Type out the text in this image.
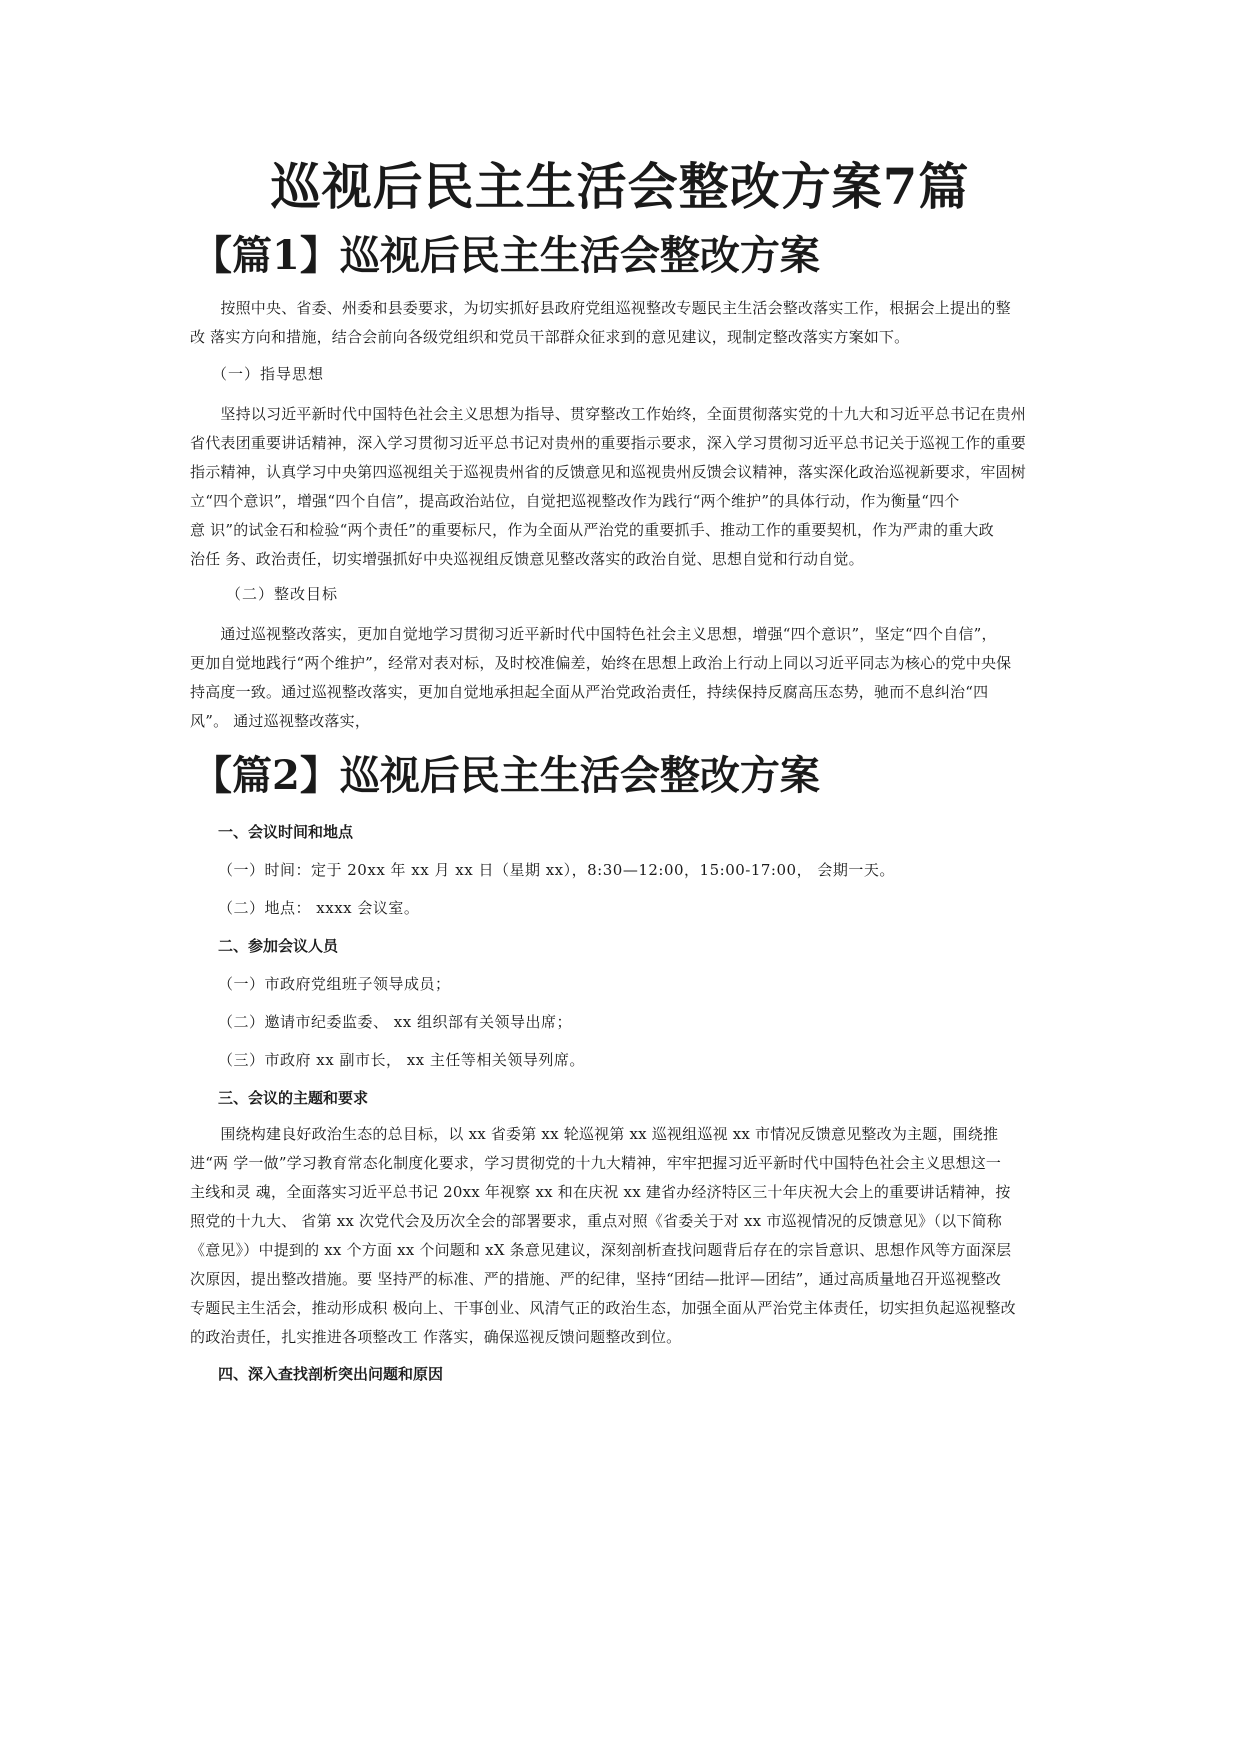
巡视后民主生活会整改方案7篇
【篇1】巡视后民主生活会整改方案

　　按照中央、省委、州委和县委要求，为切实抓好县政府党组巡视整改专题民主生活会整改落实工作，根据会上提出的整
改 落实方向和措施，结合会前向各级党组织和党员干部群众征求到的意见建议，现制定整改落实方案如下。

（一）指导思想

　　坚持以习近平新时代中国特色社会主义思想为指导、贯穿整改工作始终，全面贯彻落实党的十九大和习近平总书记在贵州
省代表团重要讲话精神，深入学习贯彻习近平总书记对贵州的重要指示要求，深入学习贯彻习近平总书记关于巡视工作的重要
指示精神，认真学习中央第四巡视组关于巡视贵州省的反馈意见和巡视贵州反馈会议精神，落实深化政治巡视新要求，牢固树
立“四个意识”，增强“四个自信”，提高政治站位，自觉把巡视整改作为践行“两个维护”的具体行动，作为衡量“四个
意 识”的试金石和检验“两个责任”的重要标尺，作为全面从严治党的重要抓手、推动工作的重要契机，作为严肃的重大政
治任 务、政治责任，切实增强抓好中央巡视组反馈意见整改落实的政治自觉、思想自觉和行动自觉。

（二）整改目标

　　通过巡视整改落实，更加自觉地学习贯彻习近平新时代中国特色社会主义思想，增强“四个意识”，坚定“四个自信”，
更加自觉地践行“两个维护”，经常对表对标，及时校准偏差，始终在思想上政治上行动上同以习近平同志为核心的党中央保
持高度一致。通过巡视整改落实，更加自觉地承担起全面从严治党政治责任，持续保持反腐高压态势，驰而不息纠治“四
风”。 通过巡视整改落实，

【篇2】巡视后民主生活会整改方案
一、会议时间和地点
（一）时间：定于 20xx 年 xx 月 xx 日（星期 xx），8:30—12:00，15:00-17:00， 会期一天。
（二）地点： xxxx 会议室。
二、参加会议人员
（一）市政府党组班子领导成员；
（二）邀请市纪委监委、 xx 组织部有关领导出席；
（三）市政府 xx 副市长， xx 主任等相关领导列席。
三、会议的主题和要求

　　围绕构建良好政治生态的总目标，以 xx 省委第 xx 轮巡视第 xx 巡视组巡视 xx 市情况反馈意见整改为主题，围绕推
进“两 学一做”学习教育常态化制度化要求，学习贯彻党的十九大精神，牢牢把握习近平新时代中国特色社会主义思想这一
主线和灵 魂，全面落实习近平总书记 20xx 年视察 xx 和在庆祝 xx 建省办经济特区三十年庆祝大会上的重要讲话精神，按
照党的十九大、 省第 xx 次党代会及历次全会的部署要求，重点对照《省委关于对 xx 市巡视情况的反馈意见》（以下简称
《意见》）中提到的 xx 个方面 xx 个问题和 xX 条意见建议，深刻剖析查找问题背后存在的宗旨意识、思想作风等方面深层
次原因，提出整改措施。要 坚持严的标准、严的措施、严的纪律，坚持“团结—批评—团结”，通过高质量地召开巡视整改
专题民主生活会，推动形成积 极向上、干事创业、风清气正的政治生态，加强全面从严治党主体责任，切实担负起巡视整改
的政治责任，扎实推进各项整改工 作落实，确保巡视反馈问题整改到位。

四、深入查找剖析突出问题和原因
